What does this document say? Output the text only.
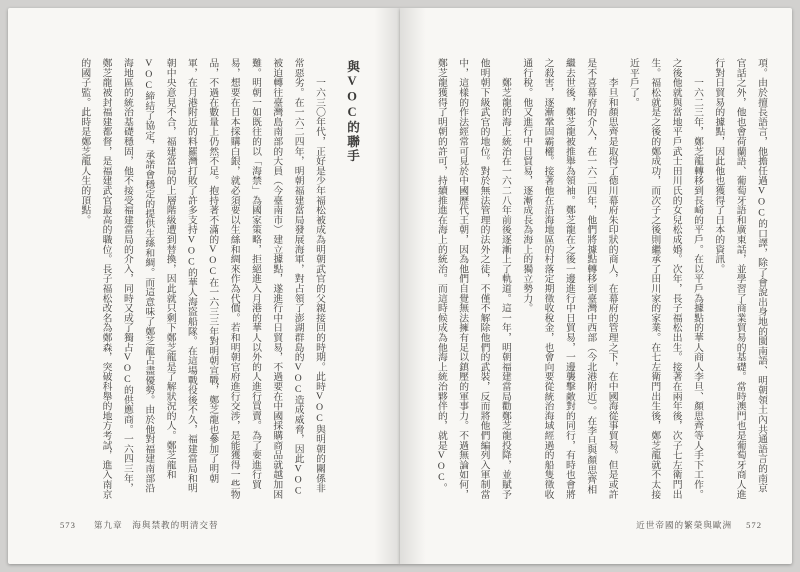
與VOC的聯手

　　一六三〇年代，正好是少年福松被成為明朝武官的父親接回的時期。此時VOC與明朝的關係非常惡劣。在一六二四年，明朝福建當局發展海軍，對占領了澎湖群島的VOC造成威脅，因此VOC被迫轉往臺灣島南部的大員（今臺南市）建立據點，遂進行中日貿易，不過要在中國採購商品就越加困難。明朝一如既往的以「海禁」為國家策略，拒絕進入月港的華人以外的人進行買賣。為了要進行貿易，想要在日本採購白銀，就必須要以生絲和綢來作為代價。若和明朝官府進行交涉，是能獲得一些物品，不過在數量上仍然不足。抱持著不滿的VOC在一六三三年對明朝宣戰，鄭芝龍也參加了明朝軍，在月港附近的料羅灣打敗了許多支持VOC的華人海盜船隊。在這場戰役後不久，福建當局和明朝中央意見不合，福建當局的上層階級遭到替換，因此就只剩下鄭芝龍是了解狀況的人。鄭芝龍和VOC締結了協定，承諾會穩定的提供生絲和綢。而這意味了鄭芝龍占盡優勢。由於他對福建南部沿海地區的統治基礎穩固，他不接受福建當局的介入，同時又成了獨占VOC的供應商。一六四三年，鄭芝龍被封福建都督，是福建武官最高的職位。長子福松改名為鄭森，突破科舉的地方考試，進入南京的國子監。此時是鄭芝龍人生的頂點。

573 第九章　海與禁教的明清交替

項。由於擅長語言，他擔任過VOC的口譯，除了會說出身地的閩南語、明朝領土內共通語言的南京官話之外，他也會荷蘭語、葡萄牙語和廣東話，並學習了商業貿易的基礎。當時澳門也是葡萄牙商人進行對日貿易的據點，因此他也獲得了日本的資訊。

　　一六二三年，鄭芝龍轉移到長崎的平戶。在以平戶為據點的華人商人李旦、顏思齊等人手下工作。之後他就與當地平戶武士田川氏的女兒松成婚。次年，長子福松出生。接著在兩年後，次子七左衛門出生。福松就是之後的鄭成功，而次子之後則繼承了田川家的家業。在七左衛門出生後，鄭芝龍就不太接近平戶了。

　　李旦和顏思齊是取得了德川幕府朱印狀的商人，在幕府的管理之下，在中國海從事貿易。但是或許是不喜幕府的介入，在一六二四年，他們將據點轉移到臺灣中西部（今北港附近）。在李旦與顏思齊相繼去世後，鄭芝龍被推舉為領袖。鄭芝龍在之後一邊進行中日貿易，一邊襲擊敵對的同行，有時也會將之殺害，逐漸鞏固霸權。接著他在沿海地區的村落定期徵收稅金，也會向要從統治海域經過的船隻徵收通行稅。他又進行中日貿易，逐漸成長為海上的獨立勢力。

　　鄭芝龍的海上統治在一六二八年前後逐漸上了軌道。這一年，明朝福建當局勸鄭芝龍投降，並賦予他明朝下級武官的地位。對於無法管理的法外之徒，不僅不解除他們的武裝，反而將他們編列入軍制當中，這樣的作法經常可見於中國歷代王朝，因為他們自覺無法擁有足以鎮壓的軍事力。不過無論如何，鄭芝龍獲得了明朝的許可，持續推進在海上的統治。而這時候成為他海上統治夥伴的，就是VOC。

近世帝國的繁榮與歐洲 572
